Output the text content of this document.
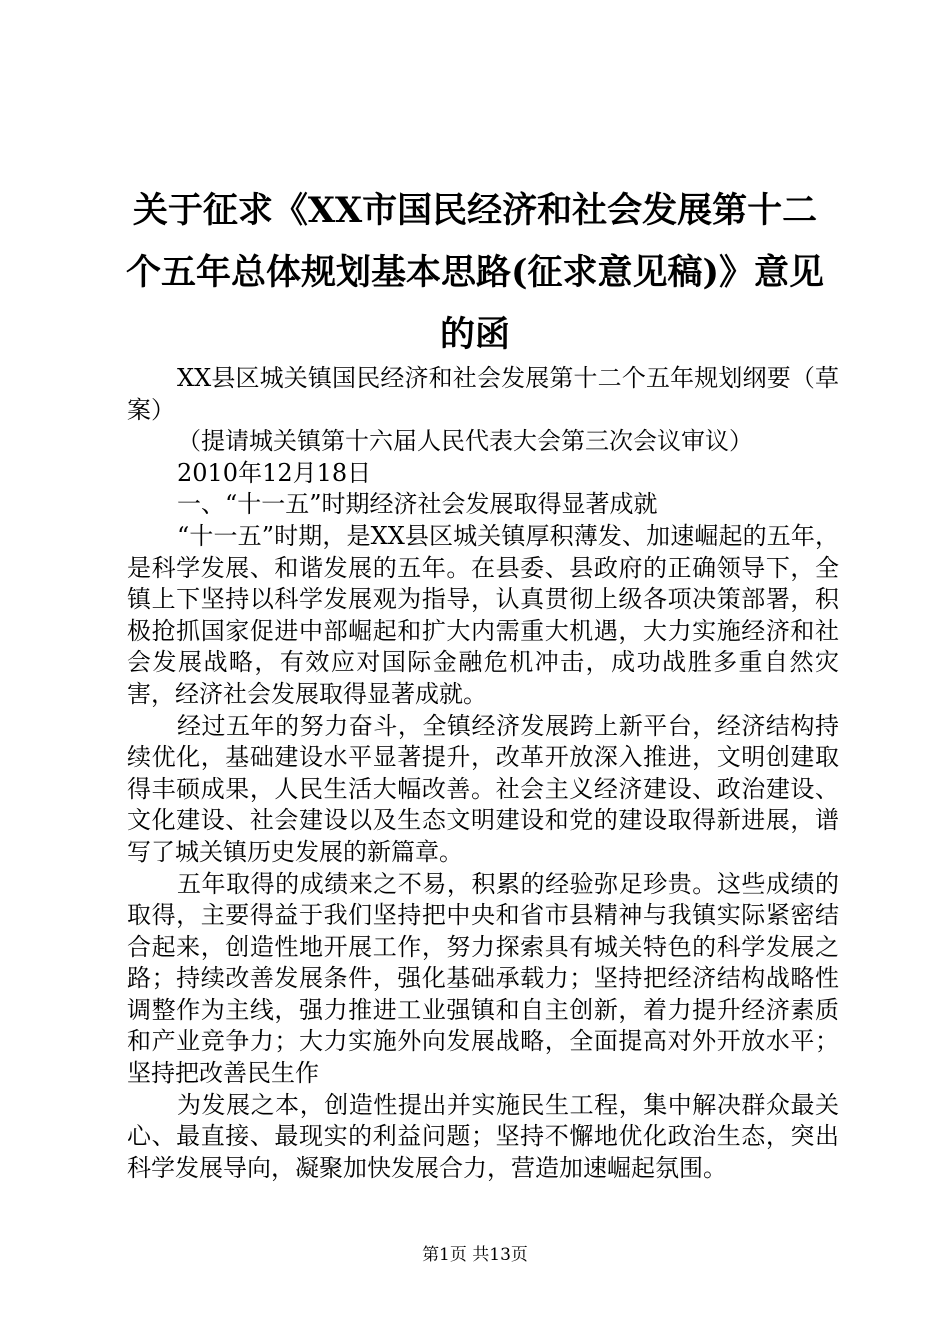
关于征求《XX市国民经济和社会发展第十二个五年总体规划基本思路(征求意见稿)》意见的函

XX县区城关镇国民经济和社会发展第十二个五年规划纲要（草案）

（提请城关镇第十六届人民代表大会第三次会议审议）

2010年12月18日

一、“十一五”时期经济社会发展取得显著成就

“十一五”时期，是XX县区城关镇厚积薄发、加速崛起的五年，是科学发展、和谐发展的五年。在县委、县政府的正确领导下，全镇上下坚持以科学发展观为指导，认真贯彻上级各项决策部署，积极抢抓国家促进中部崛起和扩大内需重大机遇，大力实施经济和社会发展战略，有效应对国际金融危机冲击，成功战胜多重自然灾害，经济社会发展取得显著成就。

经过五年的努力奋斗，全镇经济发展跨上新平台，经济结构持续优化，基础建设水平显著提升，改革开放深入推进，文明创建取得丰硕成果，人民生活大幅改善。社会主义经济建设、政治建设、文化建设、社会建设以及生态文明建设和党的建设取得新进展，谱写了城关镇历史发展的新篇章。

五年取得的成绩来之不易，积累的经验弥足珍贵。这些成绩的取得，主要得益于我们坚持把中央和省市县精神与我镇实际紧密结合起来，创造性地开展工作，努力探索具有城关特色的科学发展之路；持续改善发展条件，强化基础承载力；坚持把经济结构战略性调整作为主线，强力推进工业强镇和自主创新，着力提升经济素质和产业竞争力；大力实施外向发展战略，全面提高对外开放水平；坚持把改善民生作

为发展之本，创造性提出并实施民生工程，集中解决群众最关心、最直接、最现实的利益问题；坚持不懈地优化政治生态，突出科学发展导向，凝聚加快发展合力，营造加速崛起氛围。

第1页 共13页
